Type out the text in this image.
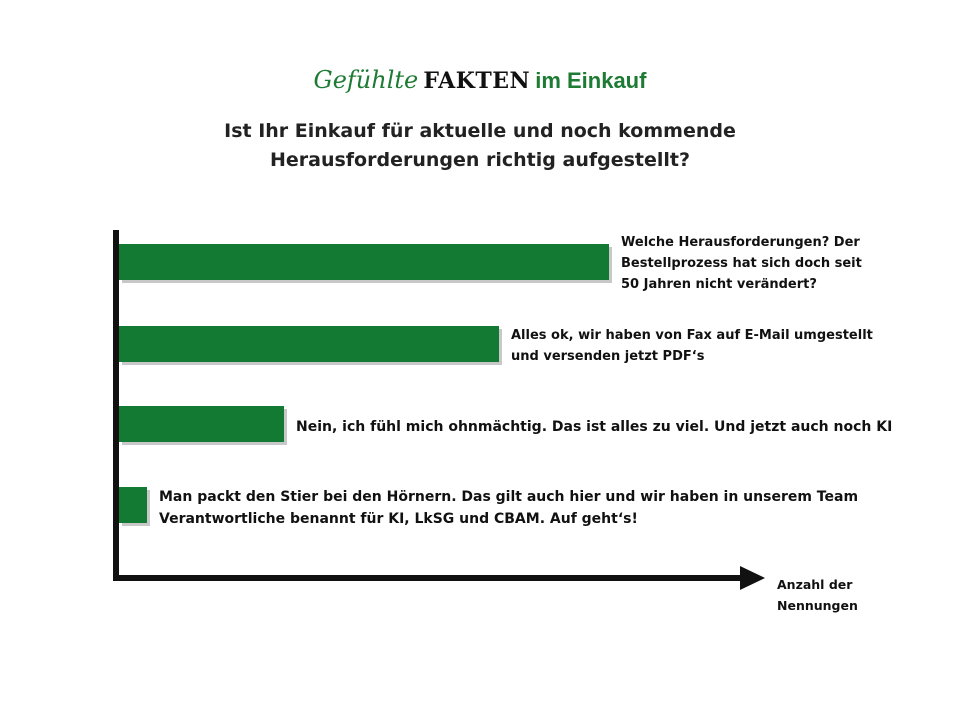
Gefühlte FAKTEN im Einkauf
Ist Ihr Einkauf für aktuelle und noch kommende
Herausforderungen richtig aufgestellt?
Welche Herausforderungen? Der
Bestellprozess hat sich doch seit
50 Jahren nicht verändert?
Alles ok, wir haben von Fax auf E-Mail umgestellt
und versenden jetzt PDF‘s
Nein, ich fühl mich ohnmächtig. Das ist alles zu viel. Und jetzt auch noch KI
Man packt den Stier bei den Hörnern. Das gilt auch hier und wir haben in unserem Team
Verantwortliche benannt für KI, LkSG und CBAM. Auf geht‘s!
Anzahl der
Nennungen
